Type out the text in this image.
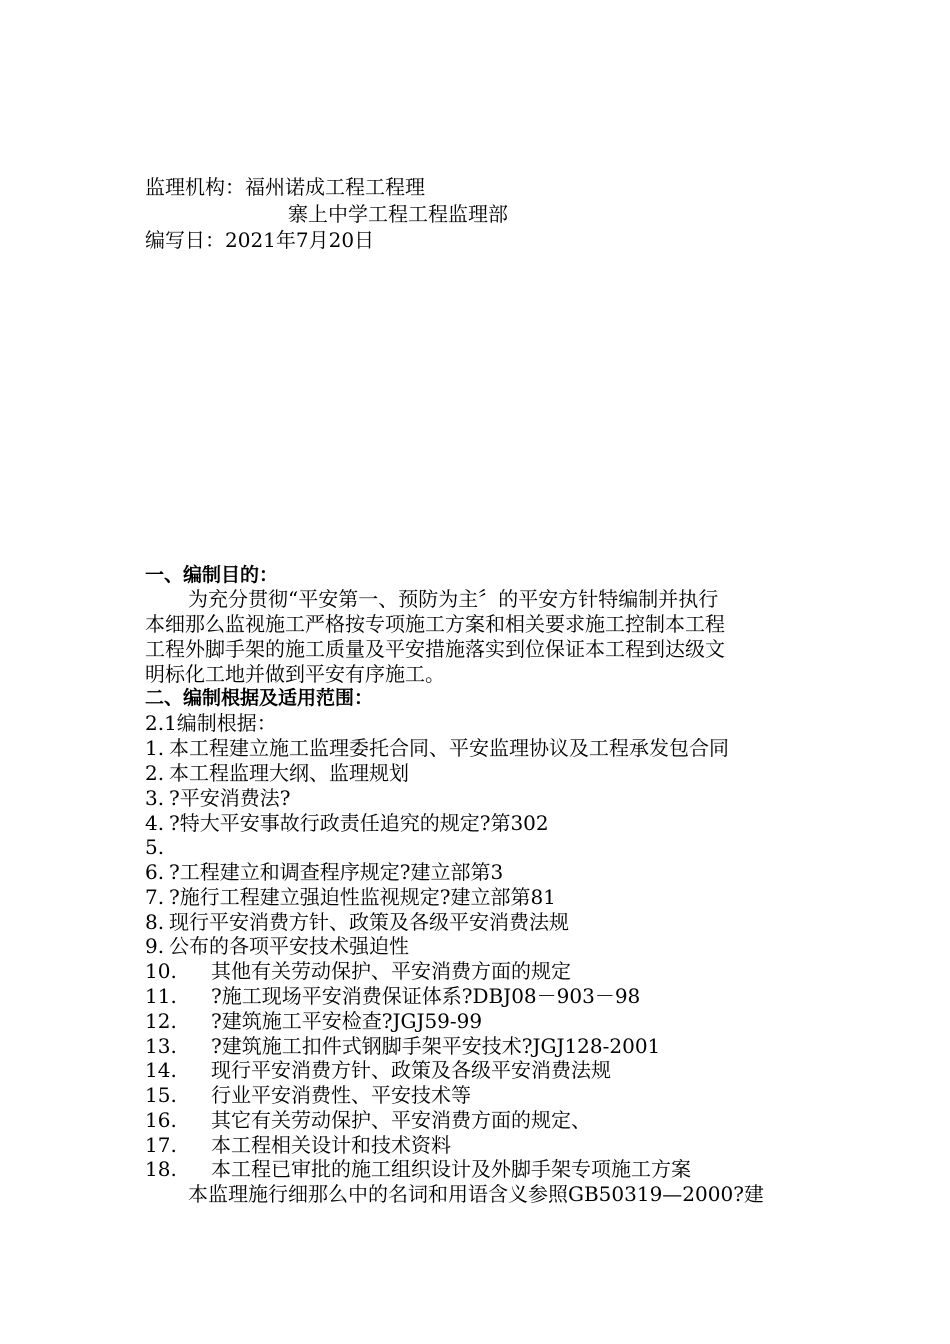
监理机构：福州诺成工程工程理
寨上中学工程工程监理部
编写日：2021年7月20日
一、编制目的：
为充分贯彻“平安第一、预防为主〞的平安方针特编制并执行
本细那么监视施工严格按专项施工方案和相关要求施工控制本工程
工程外脚手架的施工质量及平安措施落实到位保证本工程到达级文
明标化工地并做到平安有序施工。
二、编制根据及适用范围：
2.1编制根据：
1. 本工程建立施工监理委托合同、平安监理协议及工程承发包合同
2. 本工程监理大纲、监理规划
3. ?平安消费法?
4. ?特大平安事故行政责任追究的规定?第302
5.
6. ?工程建立和调查程序规定?建立部第3
7. ?施行工程建立强迫性监视规定?建立部第81
8. 现行平安消费方针、政策及各级平安消费法规
9. 公布的各项平安技术强迫性
10. 其他有关劳动保护、平安消费方面的规定
11. ?施工现场平安消费保证体系?DBJ08－903－98
12. ?建筑施工平安检查?JGJ59-99
13. ?建筑施工扣件式钢脚手架平安技术?JGJ128-2001
14. 现行平安消费方针、政策及各级平安消费法规
15. 行业平安消费性、平安技术等
16. 其它有关劳动保护、平安消费方面的规定、
17. 本工程相关设计和技术资料
18. 本工程已审批的施工组织设计及外脚手架专项施工方案
本监理施行细那么中的名词和用语含义参照GB50319—2000?建
